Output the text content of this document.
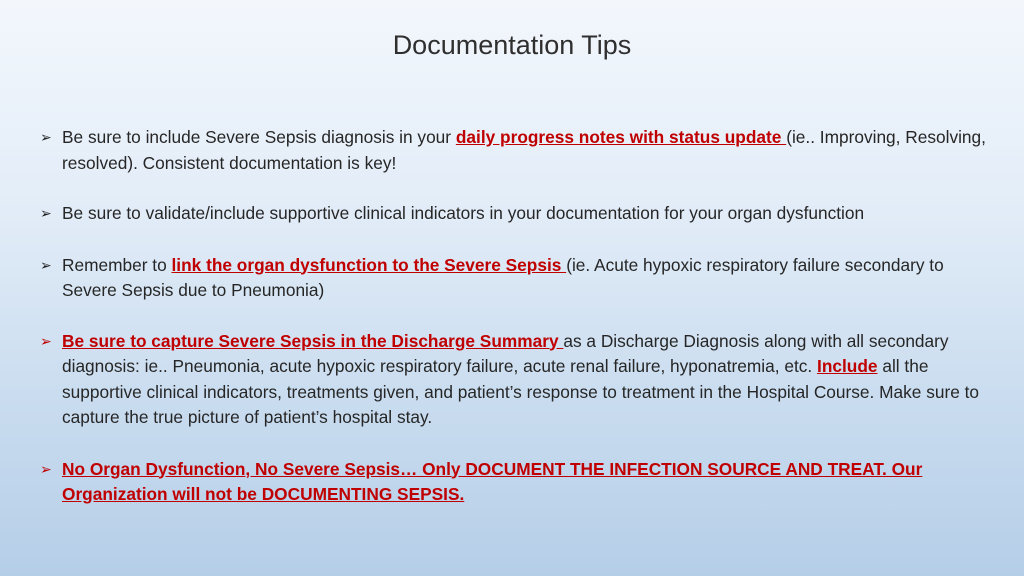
Documentation Tips
➢ Be sure to include Severe Sepsis diagnosis in your daily progress notes with status update (ie.. Improving, Resolving, resolved). Consistent documentation is key!
➢ Be sure to validate/include supportive clinical indicators in your documentation for your organ dysfunction
➢ Remember to link the organ dysfunction to the Severe Sepsis (ie. Acute hypoxic respiratory failure secondary to Severe Sepsis due to Pneumonia)
➢ Be sure to capture Severe Sepsis in the Discharge Summary as a Discharge Diagnosis along with all secondary diagnosis: ie.. Pneumonia, acute hypoxic respiratory failure, acute renal failure, hyponatremia, etc. Include all the supportive clinical indicators, treatments given, and patient’s response to treatment in the Hospital Course. Make sure to capture the true picture of patient’s hospital stay.
➢ No Organ Dysfunction, No Severe Sepsis… Only DOCUMENT THE INFECTION SOURCE AND TREAT. Our Organization will not be DOCUMENTING SEPSIS.
